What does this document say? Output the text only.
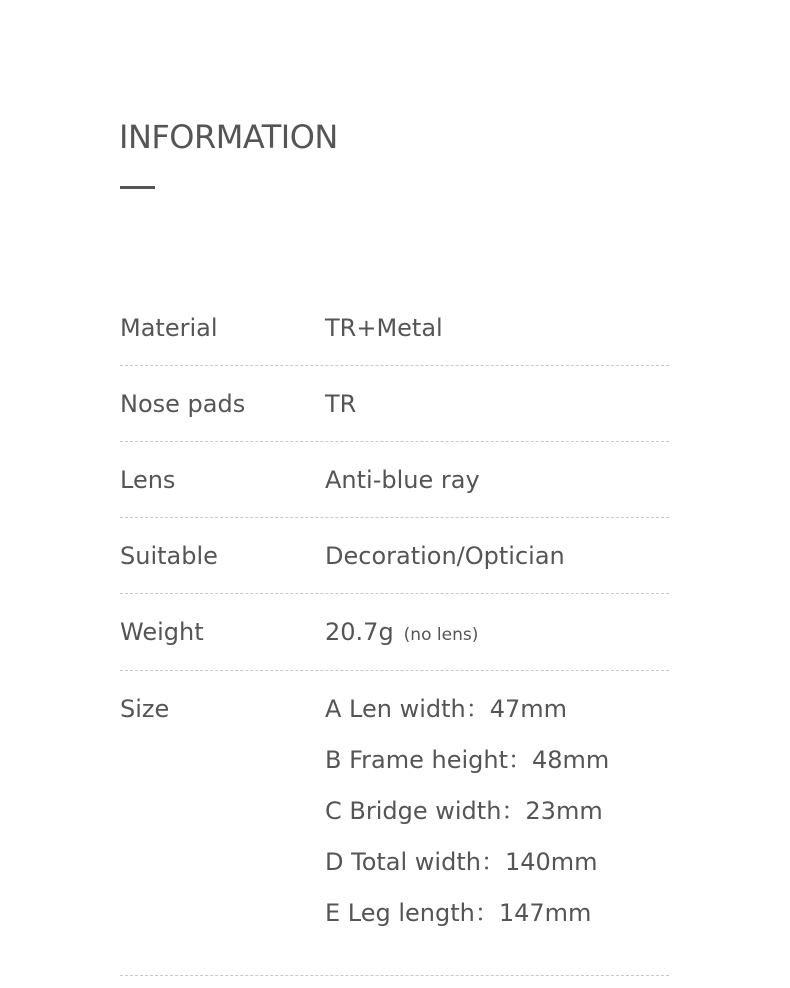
INFORMATION
Material	TR+Metal
Nose pads	TR
Lens	Anti-blue ray
Suitable	Decoration/Optician
Weight	20.7g (no lens)
Size	A Len width：47mm
B Frame height：48mm
C Bridge width：23mm
D Total width：140mm
E Leg length：147mm
